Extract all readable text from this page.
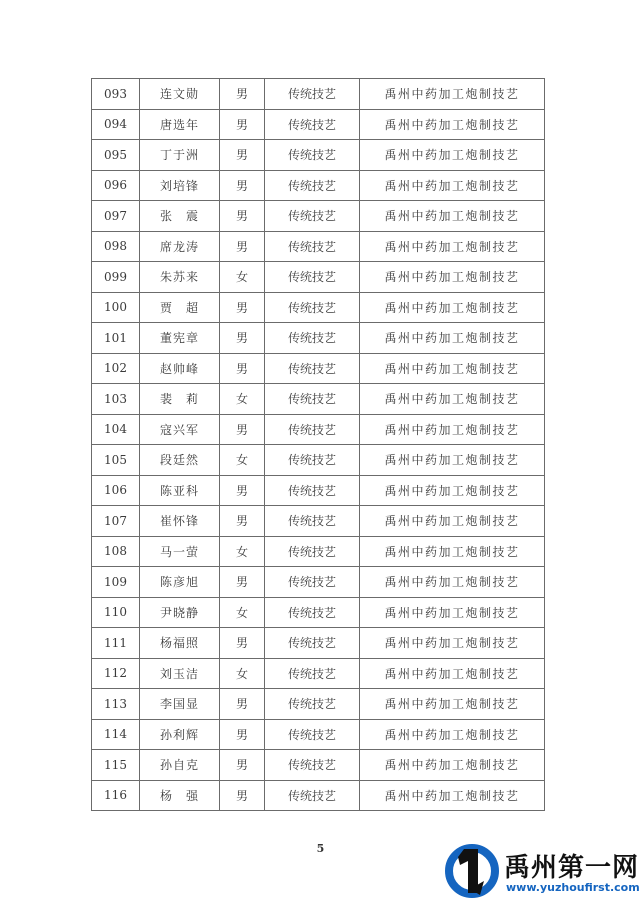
093	连文勋	男	传统技艺	禹州中药加工炮制技艺
094	唐选年	男	传统技艺	禹州中药加工炮制技艺
095	丁于洲	男	传统技艺	禹州中药加工炮制技艺
096	刘培锋	男	传统技艺	禹州中药加工炮制技艺
097	张　震	男	传统技艺	禹州中药加工炮制技艺
098	席龙涛	男	传统技艺	禹州中药加工炮制技艺
099	朱苏来	女	传统技艺	禹州中药加工炮制技艺
100	贾　超	男	传统技艺	禹州中药加工炮制技艺
101	董宪章	男	传统技艺	禹州中药加工炮制技艺
102	赵帅峰	男	传统技艺	禹州中药加工炮制技艺
103	裴　莉	女	传统技艺	禹州中药加工炮制技艺
104	寇兴军	男	传统技艺	禹州中药加工炮制技艺
105	段廷然	女	传统技艺	禹州中药加工炮制技艺
106	陈亚科	男	传统技艺	禹州中药加工炮制技艺
107	崔怀锋	男	传统技艺	禹州中药加工炮制技艺
108	马一萤	女	传统技艺	禹州中药加工炮制技艺
109	陈彦旭	男	传统技艺	禹州中药加工炮制技艺
110	尹晓静	女	传统技艺	禹州中药加工炮制技艺
111	杨福照	男	传统技艺	禹州中药加工炮制技艺
112	刘玉洁	女	传统技艺	禹州中药加工炮制技艺
113	李国显	男	传统技艺	禹州中药加工炮制技艺
114	孙利辉	男	传统技艺	禹州中药加工炮制技艺
115	孙自克	男	传统技艺	禹州中药加工炮制技艺
116	杨　强	男	传统技艺	禹州中药加工炮制技艺
5
禹州第一网
www.yuzhoufirst.com
